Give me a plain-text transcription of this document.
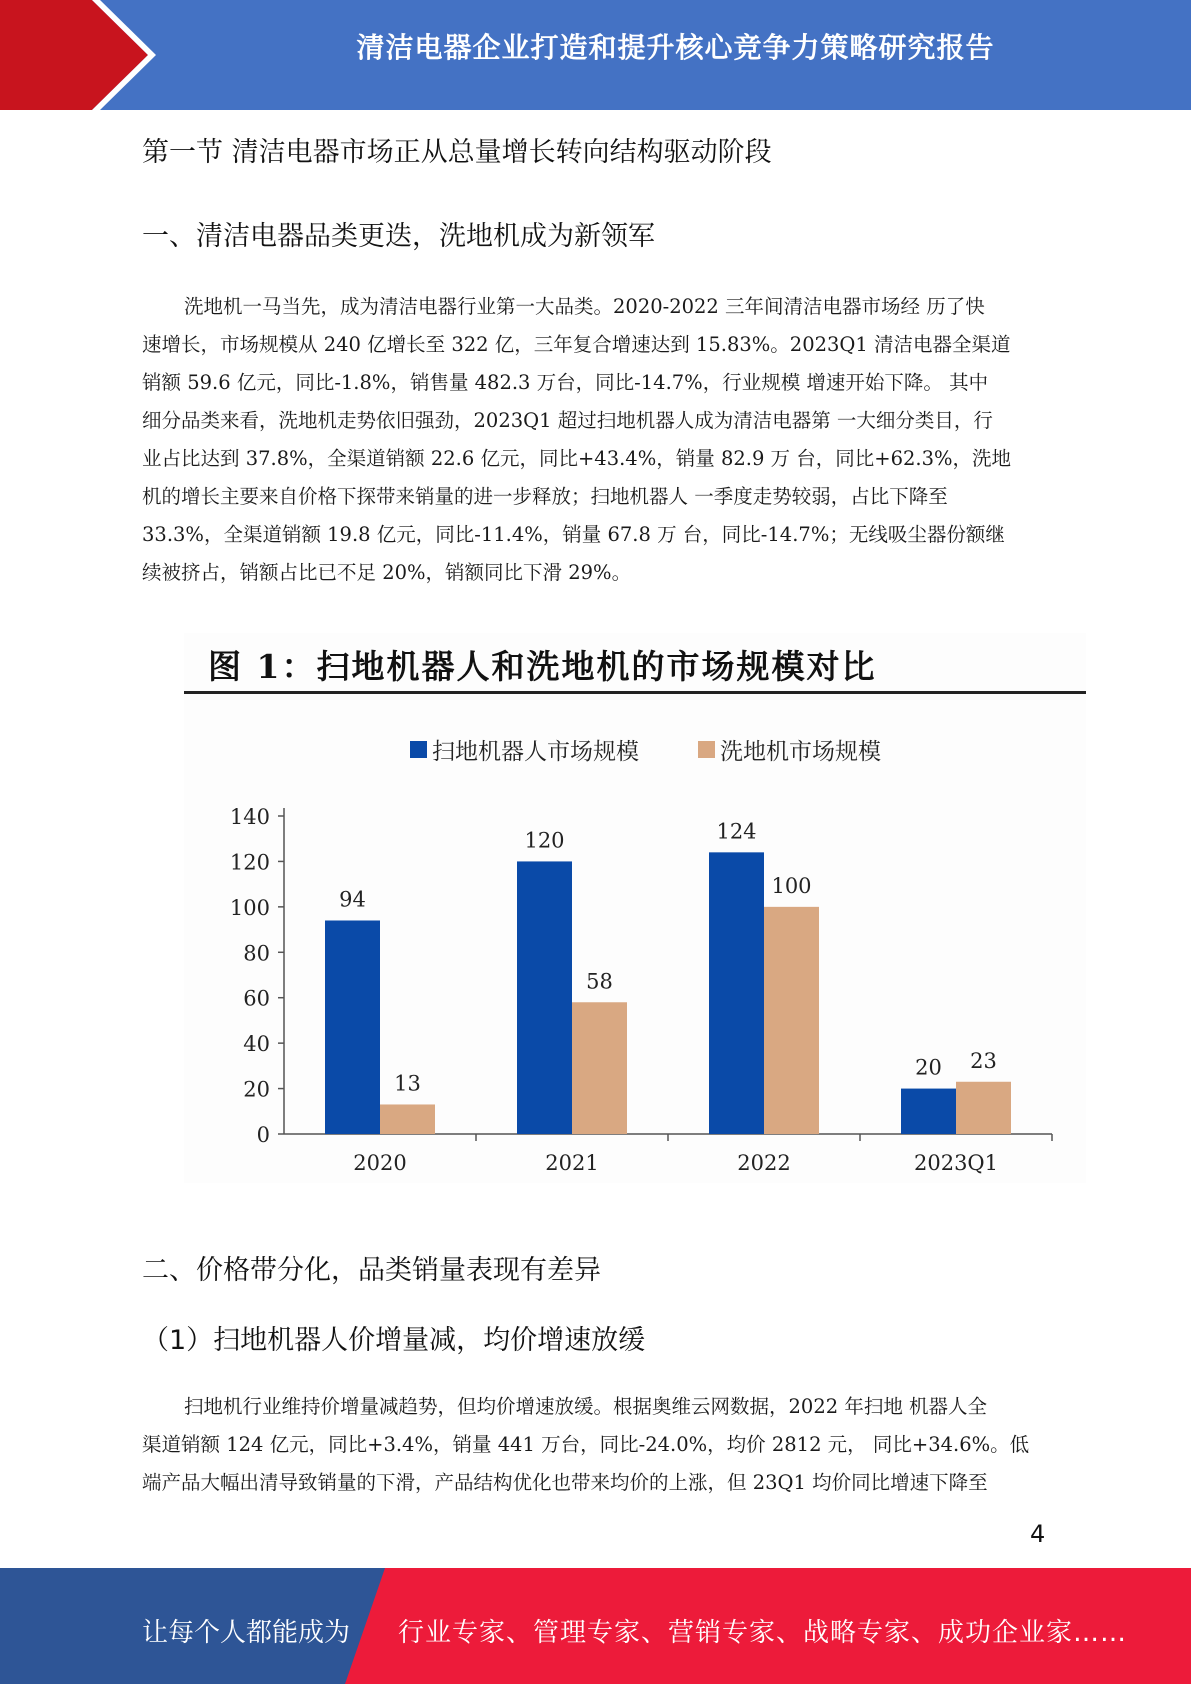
清洁电器企业打造和提升核心竞争力策略研究报告
第一节 清洁电器市场正从总量增长转向结构驱动阶段
一、清洁电器品类更迭，洗地机成为新领军
洗地机一马当先，成为清洁电器行业第一大品类。2020-2022 三年间清洁电器市场经 历了快
速增长，市场规模从 240 亿增长至 322 亿，三年复合增速达到 15.83%。2023Q1 清洁电器全渠道
销额 59.6 亿元，同比-1.8%，销售量 482.3 万台，同比-14.7%，行业规模 增速开始下降。 其中
细分品类来看，洗地机走势依旧强劲，2023Q1 超过扫地机器人成为清洁电器第 一大细分类目，行
业占比达到 37.8%，全渠道销额 22.6 亿元，同比+43.4%，销量 82.9 万 台，同比+62.3%，洗地
机的增长主要来自价格下探带来销量的进一步释放；扫地机器人 一季度走势较弱，占比下降至
33.3%，全渠道销额 19.8 亿元，同比-11.4%，销量 67.8 万 台，同比-14.7%；无线吸尘器份额继
续被挤占，销额占比已不足 20%，销额同比下滑 29%。
图 1：扫地机器人和洗地机的市场规模对比
扫地机器人市场规模	洗地机市场规模
0
20
40
60
80
100
120
140
2020
94
13
2021
120
58
2022
124
100
2023Q1
20 23
二、价格带分化，品类销量表现有差异
（1）扫地机器人价增量减，均价增速放缓
扫地机行业维持价增量减趋势，但均价增速放缓。根据奥维云网数据，2022 年扫地 机器人全
渠道销额 124 亿元，同比+3.4%，销量 441 万台，同比-24.0%，均价 2812 元， 同比+34.6%。低
端产品大幅出清导致销量的下滑，产品结构优化也带来均价的上涨，但 23Q1 均价同比增速下降至
4
让每个人都能成为 行业专家、管理专家、营销专家、战略专家、成功企业家……
